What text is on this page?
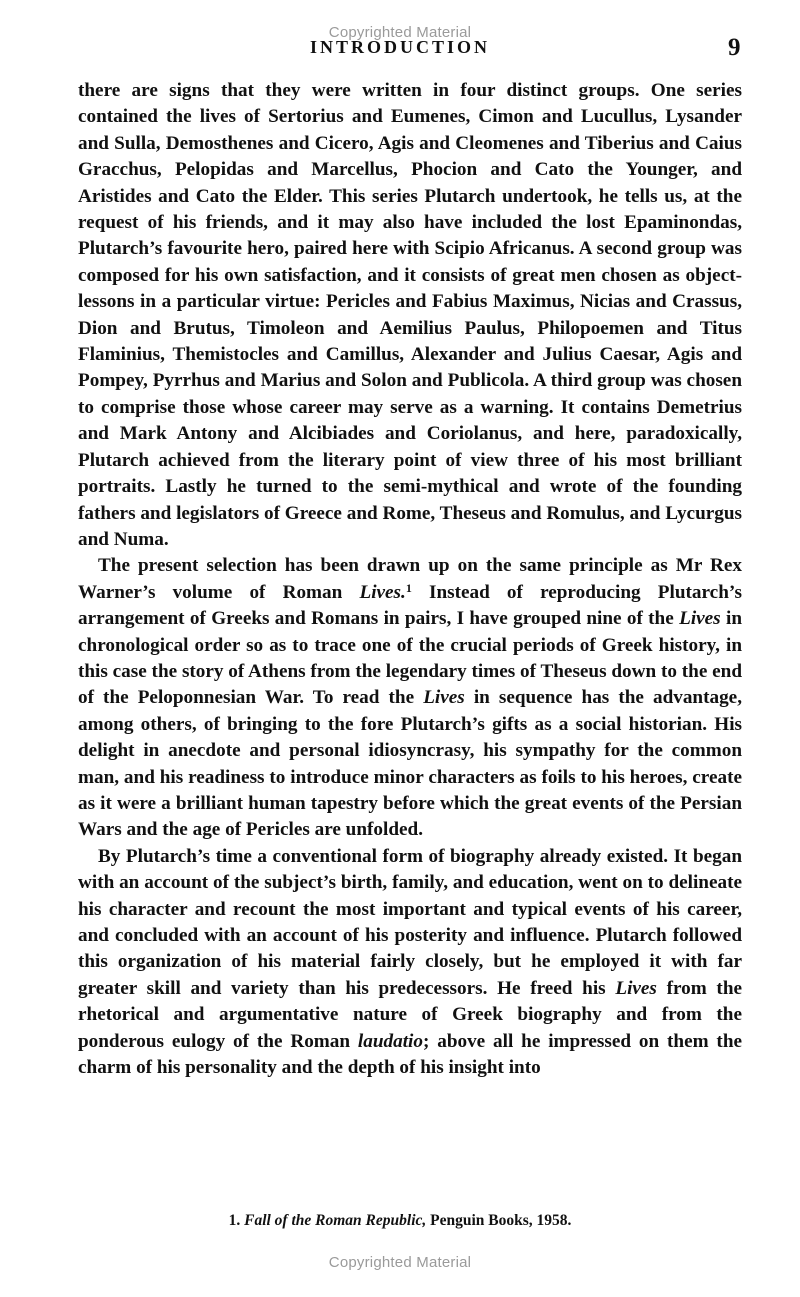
Copyrighted Material
INTRODUCTION	9

there are signs that they were written in four distinct groups. One series contained the lives of Sertorius and Eumenes, Cimon and Lucullus, Lysander and Sulla, Demosthenes and Cicero, Agis and Cleomenes and Tiberius and Caius Gracchus, Pelopidas and Marcellus, Phocion and Cato the Younger, and Aristides and Cato the Elder. This series Plutarch undertook, he tells us, at the request of his friends, and it may also have included the lost Epaminondas, Plutarch’s favourite hero, paired here with Scipio Africanus. A second group was composed for his own satisfaction, and it consists of great men chosen as object-lessons in a particular virtue: Pericles and Fabius Maximus, Nicias and Crassus, Dion and Brutus, Timoleon and Aemilius Paulus, Philopoemen and Titus Flaminius, Themistocles and Camillus, Alexander and Julius Caesar, Agis and Pompey, Pyrrhus and Marius and Solon and Publicola. A third group was chosen to comprise those whose career may serve as a warning. It contains Demetrius and Mark Antony and Alcibiades and Coriolanus, and here, paradoxically, Plutarch achieved from the literary point of view three of his most brilliant portraits. Lastly he turned to the semi-mythical and wrote of the founding fathers and legislators of Greece and Rome, Theseus and Romulus, and Lycurgus and Numa.

The present selection has been drawn up on the same principle as Mr Rex Warner’s volume of Roman Lives.$^1$ Instead of reproducing Plutarch’s arrangement of Greeks and Romans in pairs, I have grouped nine of the Lives in chronological order so as to trace one of the crucial periods of Greek history, in this case the story of Athens from the legendary times of Theseus down to the end of the Peloponnesian War. To read the Lives in sequence has the advantage, among others, of bringing to the fore Plutarch’s gifts as a social historian. His delight in anecdote and personal idiosyncrasy, his sympathy for the common man, and his readiness to introduce minor characters as foils to his heroes, create as it were a brilliant human tapestry before which the great events of the Persian Wars and the age of Pericles are unfolded.

By Plutarch’s time a conventional form of biography already existed. It began with an account of the subject’s birth, family, and education, went on to delineate his character and recount the most important and typical events of his career, and concluded with an account of his posterity and influence. Plutarch followed this organization of his material fairly closely, but he employed it with far greater skill and variety than his predecessors. He freed his Lives from the rhetorical and argumentative nature of Greek biography and from the ponderous eulogy of the Roman laudatio; above all he impressed on them the charm of his personality and the depth of his insight into

1. Fall of the Roman Republic, Penguin Books, 1958.
Copyrighted Material
